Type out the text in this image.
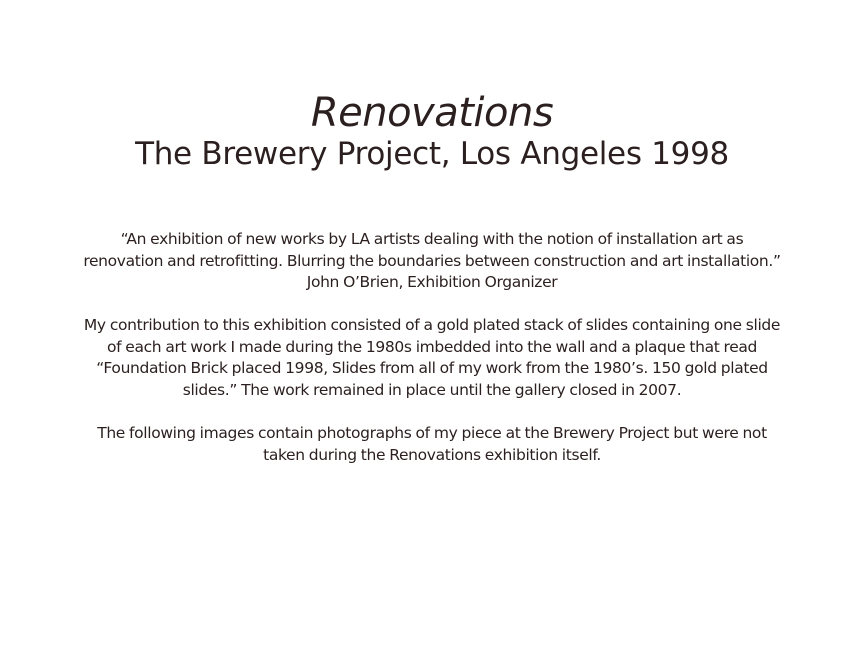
Renovations
The Brewery Project, Los Angeles 1998

“An exhibition of new works by LA artists dealing with the notion of installation art as renovation and retrofitting. Blurring the boundaries between construction and art installation.”

John O’Brien, Exhibition Organizer

My contribution to this exhibition consisted of a gold plated stack of slides containing one slide of each art work I made during the 1980s imbedded into the wall and a plaque that read “Foundation Brick placed 1998, Slides from all of my work from the 1980’s. 150 gold plated slides.” The work remained in place until the gallery closed in 2007.

The following images contain photographs of my piece at the Brewery Project but were not taken during the Renovations exhibition itself.
